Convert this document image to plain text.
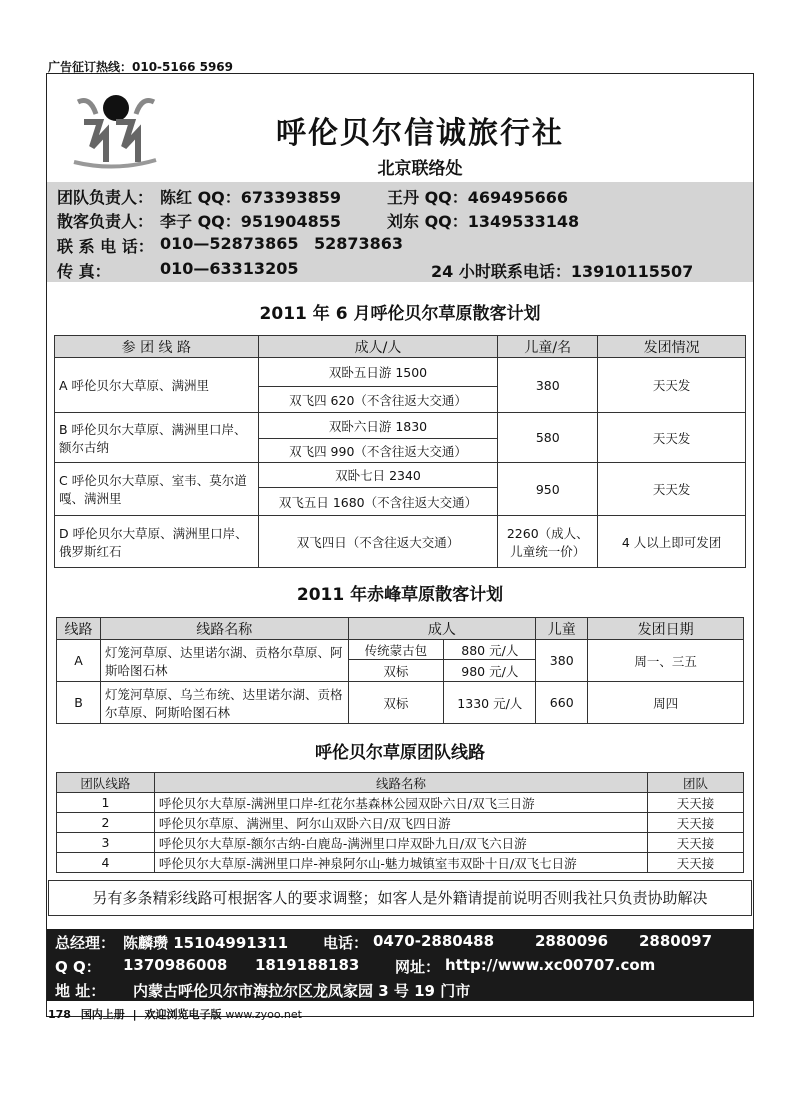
广告征订热线：010-5166 5969
呼伦贝尔信诚旅行社
北京联络处
团队负责人： 陈红 QQ：673393859	王丹 QQ：469495666
散客负责人： 李子 QQ：951904855	刘东 QQ：1349533148
联 系 电 话： 010—52873865 52873863
传 真：	010—63313205	24 小时联系电话：13910115507
2011 年 6 月呼伦贝尔草原散客计划
参 团 线 路	成人/人	儿童/名	发团情况
A 呼伦贝尔大草原、满洲里	双卧五日游 1500	380	天天发
	双飞四 620（不含往返大交通）		
B 呼伦贝尔大草原、满洲里口岸、额尔古纳	双卧六日游 1830	580	天天发
	双飞四 990（不含往返大交通）		
C 呼伦贝尔大草原、室韦、莫尔道嘎、满洲里	双卧七日 2340	950	天天发
	双飞五日 1680（不含往返大交通）		
D 呼伦贝尔大草原、满洲里口岸、俄罗斯红石	双飞四日（不含往返大交通）	2260（成人、儿童统一价）	4 人以上即可发团
2011 年赤峰草原散客计划
线路	线路名称	成人		儿童	发团日期
A	灯笼河草原、达里诺尔湖、贡格尔草原、阿斯哈图石林	传统蒙古包	880 元/人	380	周一、三五
		双标	980 元/人		
B	灯笼河草原、乌兰布统、达里诺尔湖、贡格尔草原、阿斯哈图石林	双标	1330 元/人	660	周四
呼伦贝尔草原团队线路
团队线路	线路名称	团队
1	呼伦贝尔大草原-满洲里口岸-红花尔基森林公园双卧六日/双飞三日游	天天接
2	呼伦贝尔草原、满洲里、阿尔山双卧六日/双飞四日游	天天接
3	呼伦贝尔大草原-额尔古纳-白鹿岛-满洲里口岸双卧九日/双飞六日游	天天接
4	呼伦贝尔大草原-满洲里口岸-神泉阿尔山-魅力城镇室韦双卧十日/双飞七日游	天天接
另有多条精彩线路可根据客人的要求调整；如客人是外籍请提前说明否则我社只负责协助解决
总经理： 陈麟瓒 15104991311 电话： 0470-2880488	2880096 2880097
Q Q： 1370986008 1819188183 网址： http://www.xc00707.com
地 址： 内蒙古呼伦贝尔市海拉尔区龙凤家园 3 号 19 门市
178 国内上册 | 欢迎浏览电子版 www.zyoo.net
